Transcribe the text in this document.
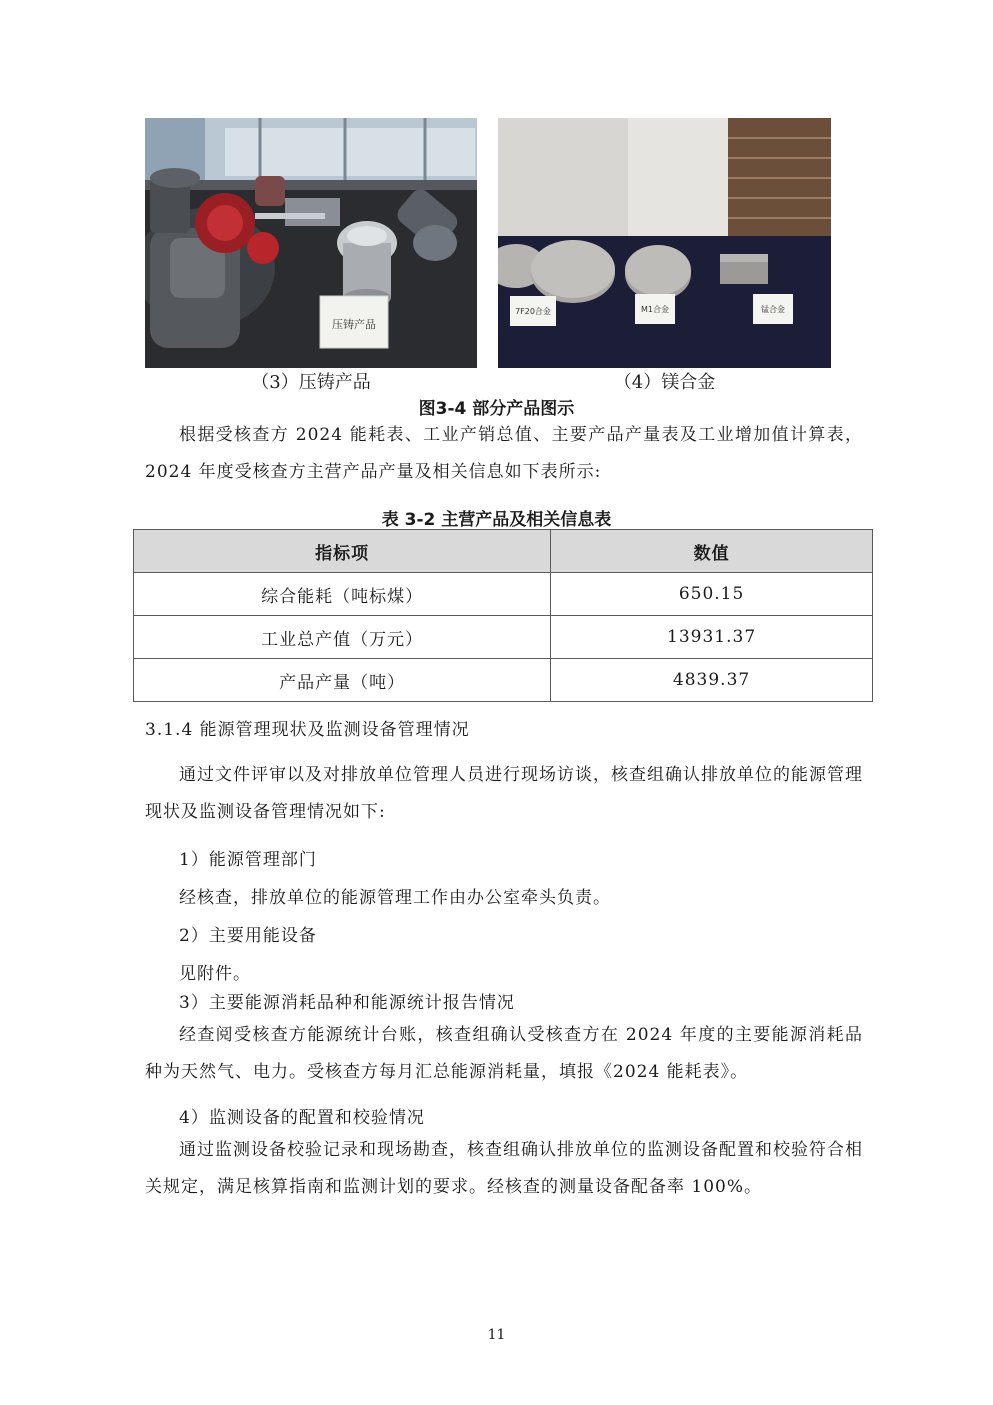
压铸产品
7F20合金	M1合金	锰合金
（3）压铸产品	（4）镁合金
图3-4 部分产品图示
根据受核查方 2024 能耗表、工业产销总值、主要产品产量表及工业增加值计算表，2024 年度受核查方主营产品产量及相关信息如下表所示:
表 3-2 主营产品及相关信息表
指标项	数值
综合能耗（吨标煤）	650.15
工业总产值（万元）	13931.37
产品产量（吨）	4839.37
3.1.4 能源管理现状及监测设备管理情况
通过文件评审以及对排放单位管理人员进行现场访谈，核查组确认排放单位的能源管理现状及监测设备管理情况如下:
1）能源管理部门
经核查，排放单位的能源管理工作由办公室牵头负责。
2）主要用能设备
见附件。
3）主要能源消耗品种和能源统计报告情况
经查阅受核查方能源统计台账，核查组确认受核查方在 2024 年度的主要能源消耗品种为天然气、电力。受核查方每月汇总能源消耗量，填报《2024 能耗表》。
4）监测设备的配置和校验情况
通过监测设备校验记录和现场勘查，核查组确认排放单位的监测设备配置和校验符合相关规定，满足核算指南和监测计划的要求。经核查的测量设备配备率 100%。
11
